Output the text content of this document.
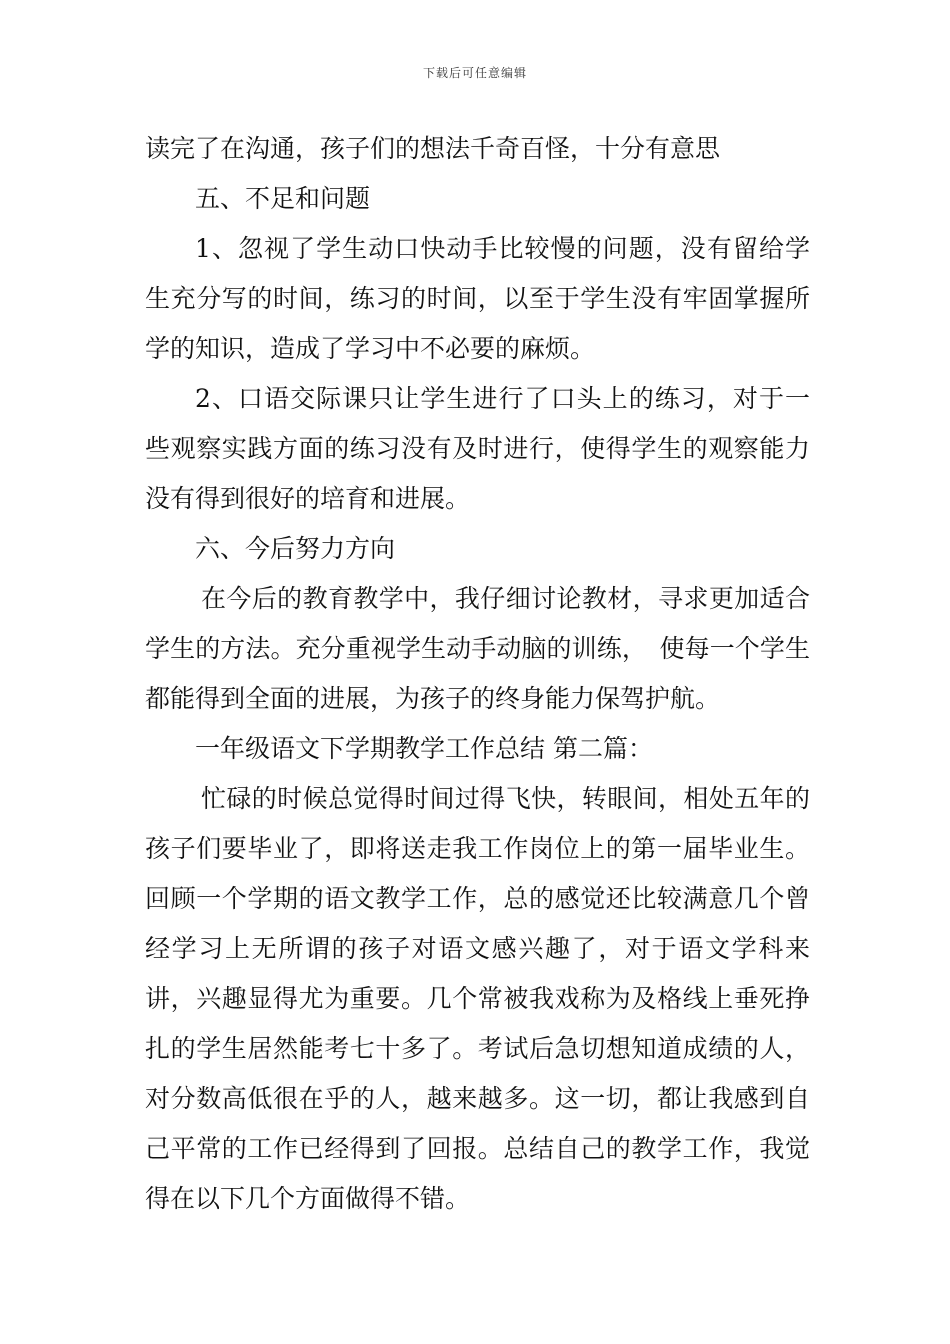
下载后可任意编辑

读完了在沟通，孩子们的想法千奇百怪，十分有意思

五、不足和问题

1、忽视了学生动口快动手比较慢的问题，没有留给学生充分写的时间，练习的时间，以至于学生没有牢固掌握所学的知识，造成了学习中不必要的麻烦。

2、口语交际课只让学生进行了口头上的练习，对于一些观察实践方面的练习没有及时进行，使得学生的观察能力没有得到很好的培育和进展。

六、今后努力方向

在今后的教育教学中，我仔细讨论教材，寻求更加适合学生的方法。充分重视学生动手动脑的训练，　使每一个学生都能得到全面的进展，为孩子的终身能力保驾护航。

一年级语文下学期教学工作总结 第二篇：

忙碌的时候总觉得时间过得飞快，转眼间，相处五年的孩子们要毕业了，即将送走我工作岗位上的第一届毕业生。回顾一个学期的语文教学工作，总的感觉还比较满意几个曾经学习上无所谓的孩子对语文感兴趣了，对于语文学科来讲，兴趣显得尤为重要。几个常被我戏称为及格线上垂死挣扎的学生居然能考七十多了。考试后急切想知道成绩的人，对分数高低很在乎的人，越来越多。这一切，都让我感到自己平常的工作已经得到了回报。总结自己的教学工作，我觉得在以下几个方面做得不错。
